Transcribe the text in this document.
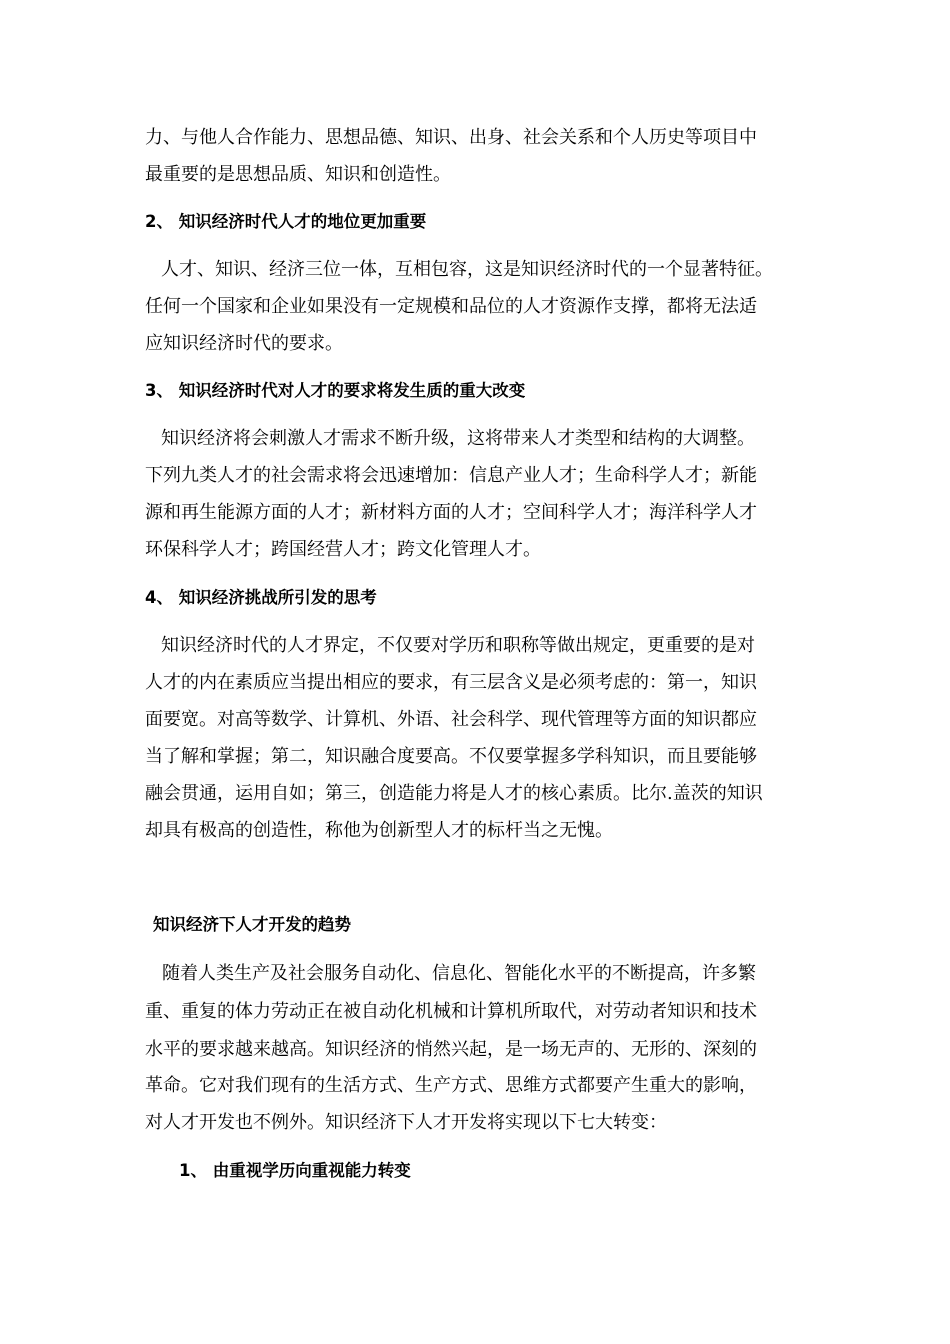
力、与他人合作能力、思想品德、知识、出身、社会关系和个人历史等项目中
最重要的是思想品质、知识和创造性。
2、 知识经济时代人才的地位更加重要
人才、知识、经济三位一体，互相包容，这是知识经济时代的一个显著特征。
任何一个国家和企业如果没有一定规模和品位的人才资源作支撑，都将无法适
应知识经济时代的要求。
3、 知识经济时代对人才的要求将发生质的重大改变
知识经济将会刺激人才需求不断升级，这将带来人才类型和结构的大调整。
下列九类人才的社会需求将会迅速增加：信息产业人才；生命科学人才；新能
源和再生能源方面的人才；新材料方面的人才；空间科学人才；海洋科学人才
环保科学人才；跨国经营人才；跨文化管理人才。
4、 知识经济挑战所引发的思考
知识经济时代的人才界定，不仅要对学历和职称等做出规定，更重要的是对
人才的内在素质应当提出相应的要求，有三层含义是必须考虑的：第一，知识
面要宽。对高等数学、计算机、外语、社会科学、现代管理等方面的知识都应
当了解和掌握；第二，知识融合度要高。不仅要掌握多学科知识，而且要能够
融会贯通，运用自如；第三，创造能力将是人才的核心素质。比尔.盖茨的知识
却具有极高的创造性，称他为创新型人才的标杆当之无愧。
知识经济下人才开发的趋势
随着人类生产及社会服务自动化、信息化、智能化水平的不断提高，许多繁
重、重复的体力劳动正在被自动化机械和计算机所取代，对劳动者知识和技术
水平的要求越来越高。知识经济的悄然兴起，是一场无声的、无形的、深刻的
革命。它对我们现有的生活方式、生产方式、思维方式都要产生重大的影响，
对人才开发也不例外。知识经济下人才开发将实现以下七大转变：
1、 由重视学历向重视能力转变
